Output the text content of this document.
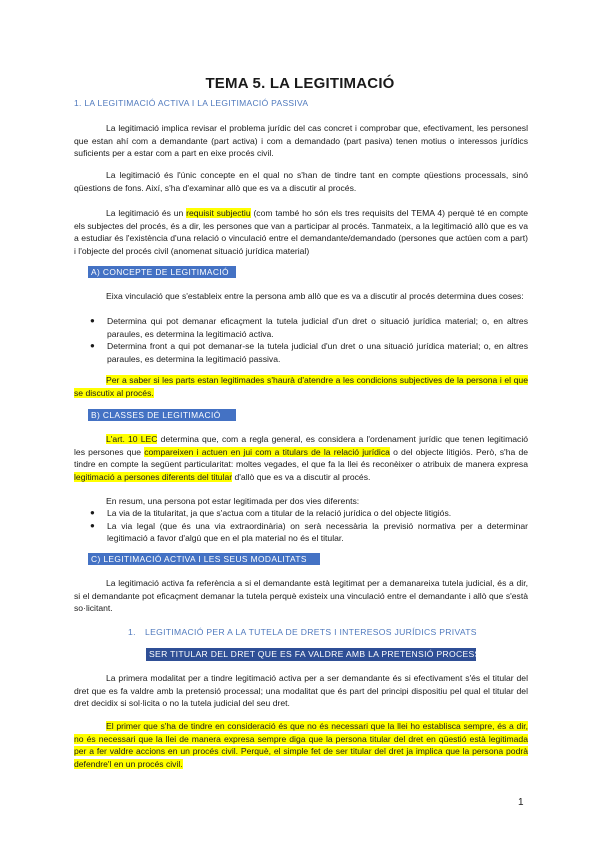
TEMA 5. LA LEGITIMACIÓ
1. LA LEGITIMACIÓ ACTIVA I LA LEGITIMACIÓ PASSIVA

La legitimació implica revisar el problema jurídic del cas concret i comprobar que, efectivament, les personesl que estan ahí com a demandante (part activa) i com a demandado (part pasiva) tenen motius o interessos jurídics suficients per a estar com a part en eixe procés civil.

La legitimació és l'únic concepte en el qual no s'han de tindre tant en compte qüestions processals, sinó qüestions de fons. Així, s'ha d'examinar allò que es va a discutir al procés.

La legitimació és un requisit subjectiu (com també ho són els tres requisits del TEMA 4) perquè té en compte els subjectes del procés, és a dir, les persones que van a participar al procés. Tanmateix, a la legitimació allò que es va a estudiar és l'existència d'una relació o vinculació entre el demandante/demandado (persones que actúen com a part) i l'objecte del procés civil (anomenat situació jurídica material)

A) CONCEPTE DE LEGITIMACIÓ

Eixa vinculació que s'estableix entre la persona amb allò que es va a discutir al procés determina dues coses:

● Determina qui pot demanar eficaçment la tutela judicial d'un dret o situació jurídica material; o, en altres paraules, es determina la legitimació activa.
● Determina front a qui pot demanar-se la tutela judicial d'un dret o una situació jurídica material; o, en altres paraules, es determina la legitimació passiva.

Per a saber si les parts estan legitimades s'haurà d'atendre a les condicions subjectives de la persona i el que se discutix al procés.

B) CLASSES DE LEGITIMACIÓ

L'art. 10 LEC determina que, com a regla general, es considera a l'ordenament jurídic que tenen legitimació les persones que compareixen i actuen en jui com a titulars de la relació jurídica o del objecte litigiós. Però, s'ha de tindre en compte la següent particularitat: moltes vegades, el que fa la llei és reconèixer o atribuix de manera expresa legitimació a persones diferents del titular d'allò que es va a discutir al procés.

En resum, una persona pot estar legitimada per dos vies diferents:

● La via de la titularitat, ja que s'actua com a titular de la relació jurídica o del objecte litigiós.
● La via legal (que és una via extraordinària) on serà necessària la previsió normativa per a determinar legitimació a favor d'algú que en el pla material no és el titular.
C) LEGITIMACIÓ ACTIVA I LES SEUS MODALITATS

La legitimació activa fa referència a si el demandante està legitimat per a demanareixa tutela judicial, és a dir, si el demandante pot eficaçment demanar la tutela perquè existeix una vinculació entre el demandante i allò que s'està so·licitant.

1. LEGITIMACIÓ PER A LA TUTELA DE DRETS I INTERESOS JURÍDICS PRIVATS
SER TITULAR DEL DRET QUE ES FA VALDRE AMB LA PRETENSIÓ PROCESSAL

La primera modalitat per a tindre legitimació activa per a ser demandante és si efectivament s'és el titular del dret que es fa valdre amb la pretensió processal; una modalitat que és part del principi dispositiu pel qual el titular del dret decidix si sol·licita o no la tutela judicial del seu dret.

El primer que s'ha de tindre en consideració és que no és necessari que la llei ho establisca sempre, és a dir, no és necessari que la llei de manera expresa sempre diga que la persona titular del dret en qüestió està legitimada per a fer valdre accions en un procés civil. Perquè, el simple fet de ser titular del dret ja implica que la persona podrà defendre'l en un procés civil.

1
